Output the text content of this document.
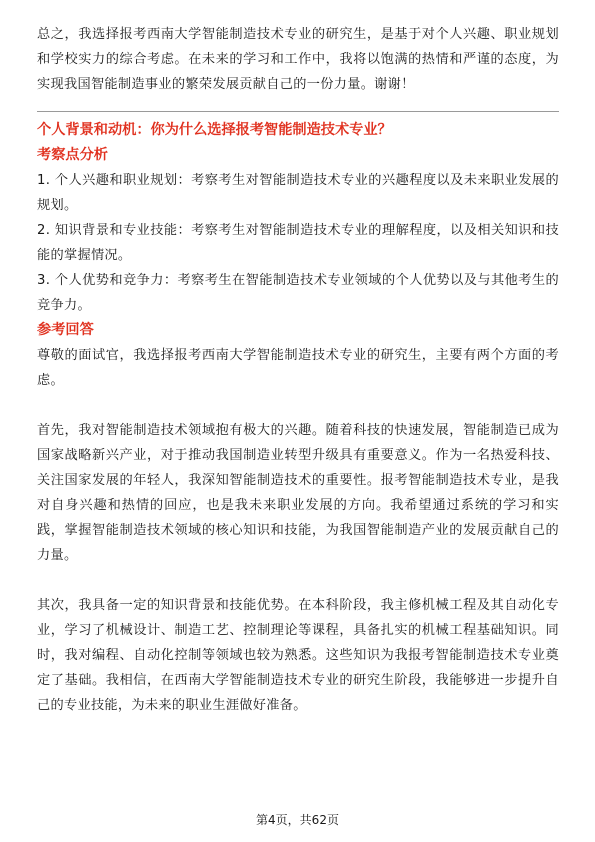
总之，我选择报考西南大学智能制造技术专业的研究生，是基于对个人兴趣、职业规划和学校实力的综合考虑。在未来的学习和工作中，我将以饱满的热情和严谨的态度，为实现我国智能制造事业的繁荣发展贡献自己的一份力量。谢谢！

个人背景和动机：你为什么选择报考智能制造技术专业？
考察点分析

1. 个人兴趣和职业规划：考察考生对智能制造技术专业的兴趣程度以及未来职业发展的规划。

2. 知识背景和专业技能：考察考生对智能制造技术专业的理解程度，以及相关知识和技能的掌握情况。

3. 个人优势和竞争力：考察考生在智能制造技术专业领域的个人优势以及与其他考生的竞争力。

参考回答

尊敬的面试官，我选择报考西南大学智能制造技术专业的研究生，主要有两个方面的考虑。

首先，我对智能制造技术领域抱有极大的兴趣。随着科技的快速发展，智能制造已成为国家战略新兴产业，对于推动我国制造业转型升级具有重要意义。作为一名热爱科技、关注国家发展的年轻人，我深知智能制造技术的重要性。报考智能制造技术专业，是我对自身兴趣和热情的回应，也是我未来职业发展的方向。我希望通过系统的学习和实践，掌握智能制造技术领域的核心知识和技能，为我国智能制造产业的发展贡献自己的力量。

其次，我具备一定的知识背景和技能优势。在本科阶段，我主修机械工程及其自动化专业，学习了机械设计、制造工艺、控制理论等课程，具备扎实的机械工程基础知识。同时，我对编程、自动化控制等领域也较为熟悉。这些知识为我报考智能制造技术专业奠定了基础。我相信，在西南大学智能制造技术专业的研究生阶段，我能够进一步提升自己的专业技能，为未来的职业生涯做好准备。

第4页，共62页
